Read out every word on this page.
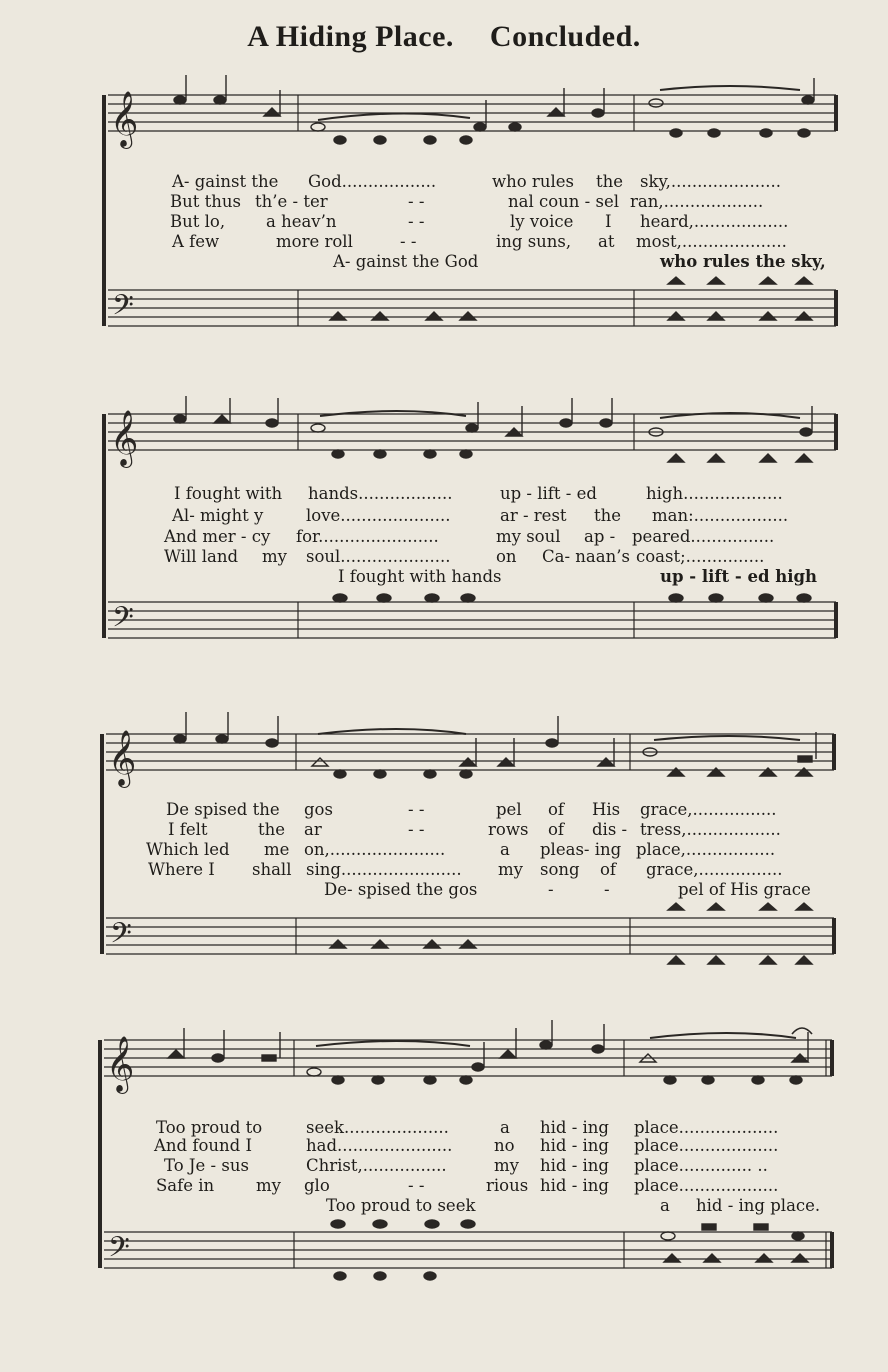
A Hiding Place. Concluded.
𝄞
𝄢
A- gainst the God..................	who rules the sky,.....................
But thus th’e - ter	- -	nal coun - sel ran,...................
But lo, a heav’n	- -	ly voice I heard,..................
A few	more roll	- -	ing suns, at most,....................
A- gainst the God	who rules the sky,
𝄞
𝄢
I fought with hands..................	up - lift - ed	high...................
Al- might y	love.....................	ar - rest the man:..................
And mer - cy for.......................	my soul ap - peared................
Will land my soul.....................	on Ca- naan’s coast;...............
I fought with hands	up - lift - ed high
𝄞
𝄢
De spised the gos	- -	pel of His grace,................
I felt	the ar	- -	rows of dis - tress,..................
Which led me on,......................	a pleas- ing place,.................
Where I shall sing....................... my song of grace,................
De- spised the gos	-	-	pel of His grace
𝄞
𝄢
Too proud to	seek....................	a hid - ing place...................
And found I	had......................	no hid - ing place...................
To Je - sus	Christ,................	my hid - ing place.............. ..
Safe in	my glo	- -	rious hid - ing place...................
Too proud to seek	a hid - ing place.
